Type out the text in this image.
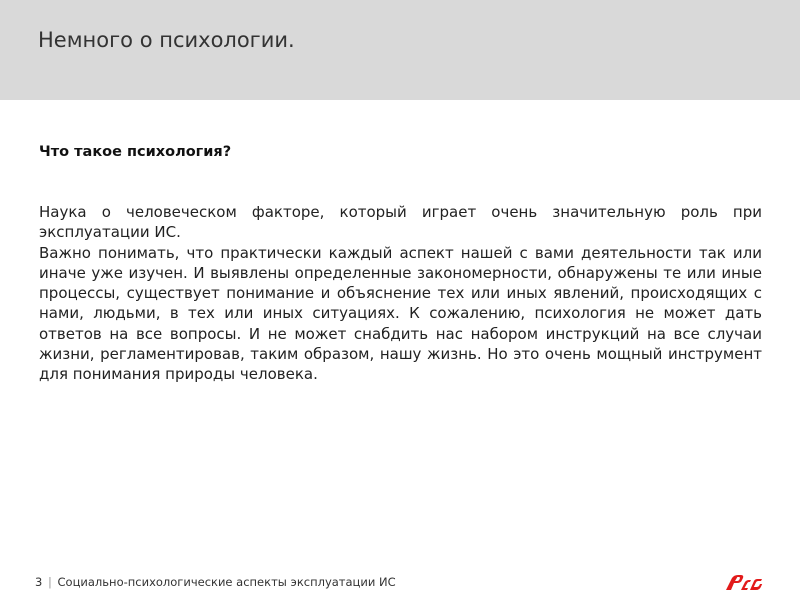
Немного о психологии.

Что такое психология?

Наука о человеческом факторе, который играет очень значительную роль при эксплуатации ИС.
Важно понимать, что практически каждый аспект нашей с вами деятельности так или иначе уже изучен. И выявлены определенные закономерности, обнаружены те или иные процессы, существует понимание и объяснение тех или иных явлений, происходящих с нами, людьми, в тех или иных ситуациях. К сожалению, психология не может дать ответов на все вопросы. И не может снабдить нас набором инструкций на все случаи жизни, регламентировав, таким образом, нашу жизнь. Но это очень мощный инструмент для понимания природы человека.
3 | Социально-психологические аспекты эксплуатации ИС
